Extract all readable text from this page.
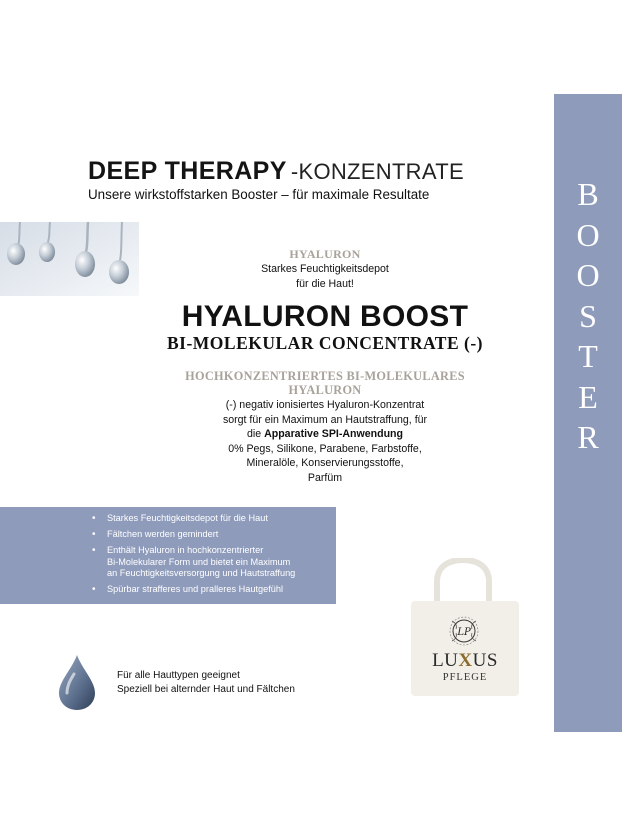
B
O
O
S
T
E
R
DEEP THERAPY -KONZENTRATE
Unsere wirkstoffstarken Booster – für maximale Resultate
HYALURON
Starkes Feuchtigkeitsdepot
für die Haut!
HYALURON BOOST
BI-MOLEKULAR CONCENTRATE (-)
HOCHKONZENTRIERTES BI-MOLEKULARES
HYALURON
(-) negativ ionisiertes Hyaluron-Konzentrat
sorgt für ein Maximum an Hautstraffung, für
die Apparative SPI-Anwendung
0% Pegs, Silikone, Parabene, Farbstoffe,
Mineralöle, Konservierungsstoffe,
Parfüm
• Starkes Feuchtigkeitsdepot für die Haut
• Fältchen werden gemindert
• Enthält Hyaluron in hochkonzentrierter
Bi-Molekularer Form und bietet ein Maximum
an Feuchtigkeitsversorgung und Hautstraffung
• Spürbar strafferes und pralleres Hautgefühl
Für alle Hauttypen geeignet
Speziell bei alternder Haut und Fältchen
LP
LUXUS
PFLEGE
